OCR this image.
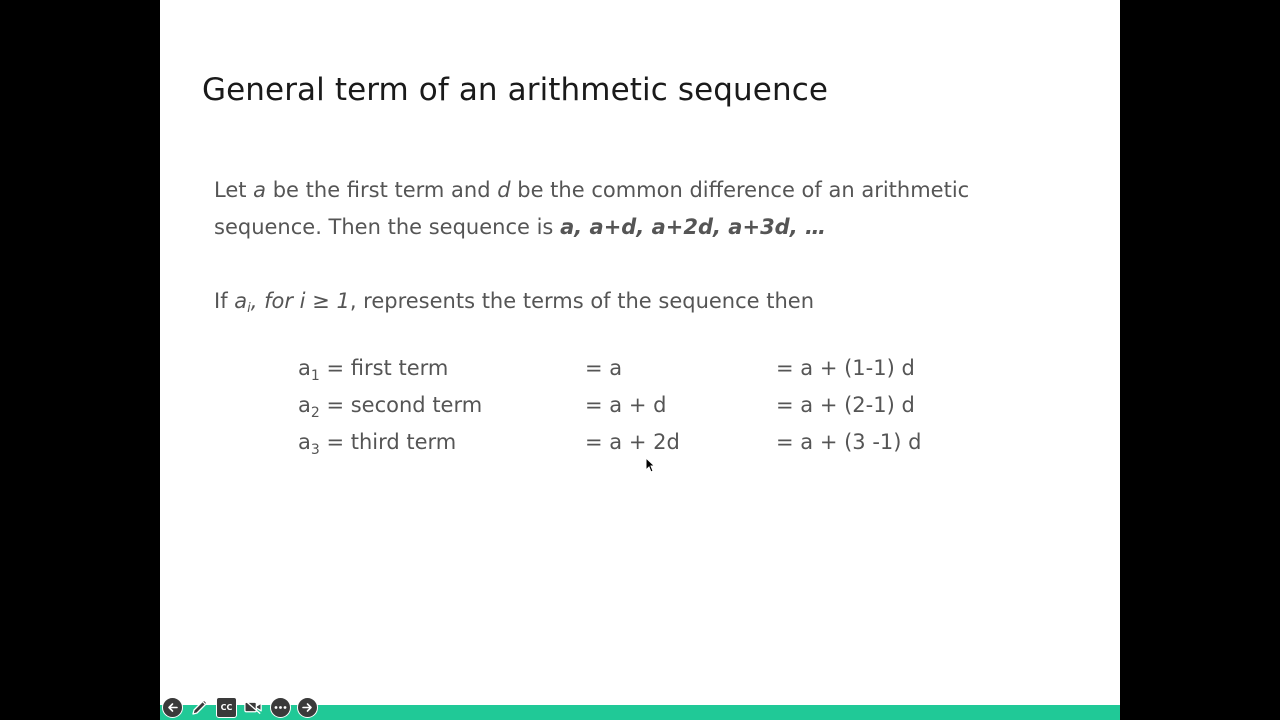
General term of an arithmetic sequence
Let a be the first term and d be the common difference of an arithmetic
sequence. Then the sequence is a, a+d, a+2d, a+3d, …
If ai, for i ≥ 1, represents the terms of the sequence then
$a_1$ = first term	= a	= a + (1-1) d
$a_2$ = second term	= a + d	= a + (2-1) d
$a_3$ = third term	= a + 2d	= a + (3 -1) d
CC
